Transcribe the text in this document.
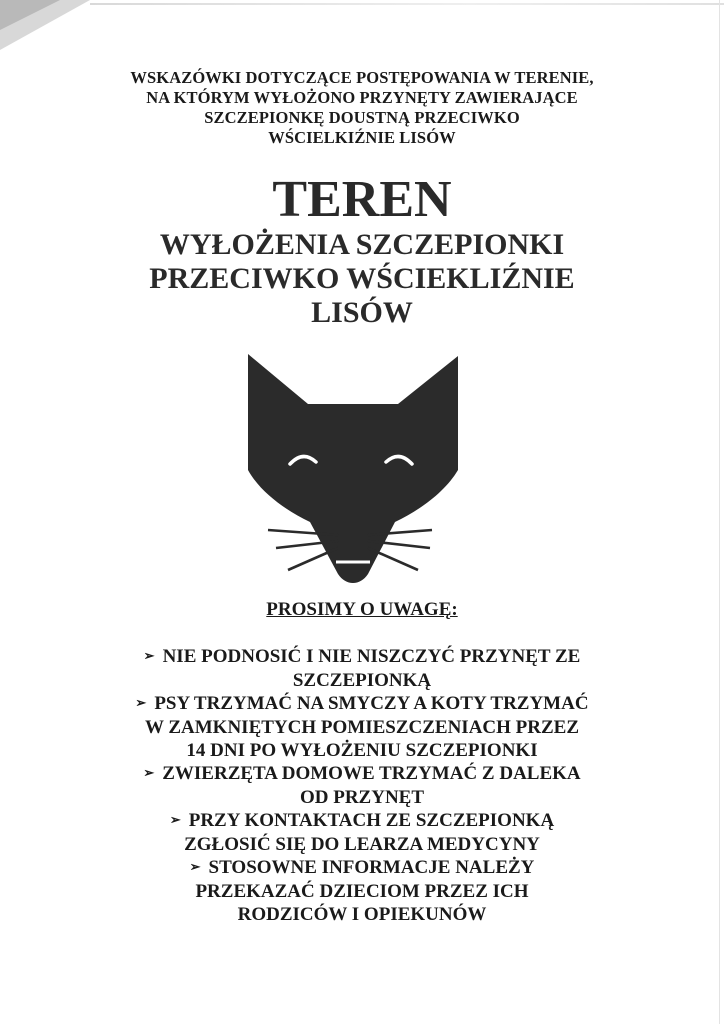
WSKAZÓWKI DOTYCZĄCE POSTĘPOWANIA W TERENIE,
NA KTÓRYM WYŁOŻONO PRZYNĘTY ZAWIERAJĄCE
SZCZEPIONKĘ DOUSTNĄ PRZECIWKO
WŚCIELKIŹNIE LISÓW
TEREN
WYŁOŻENIA SZCZEPIONKI
PRZECIWKO WŚCIEKLIŹNIE
LISÓW
PROSIMY O UWAGĘ:
➢ NIE PODNOSIĆ I NIE NISZCZYĆ PRZYNĘT ZE
SZCZEPIONKĄ
➢ PSY TRZYMAĆ NA SMYCZY A KOTY TRZYMAĆ
W ZAMKNIĘTYCH POMIESZCZENIACH PRZEZ
14 DNI PO WYŁOŻENIU SZCZEPIONKI
➢ ZWIERZĘTA DOMOWE TRZYMAĆ Z DALEKA
OD PRZYNĘT
➢ PRZY KONTAKTACH ZE SZCZEPIONKĄ
ZGŁOSIĆ SIĘ DO LEARZA MEDYCYNY
➢ STOSOWNE INFORMACJE NALEŻY
PRZEKAZAĆ DZIECIOM PRZEZ ICH
RODZICÓW I OPIEKUNÓW
